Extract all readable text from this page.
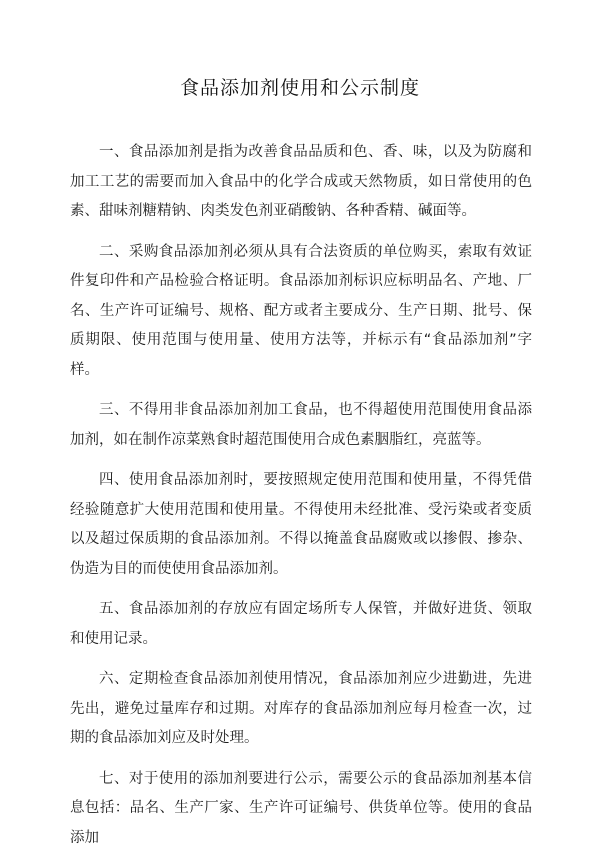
食品添加剂使用和公示制度

一、食品添加剂是指为改善食品品质和色、香、味，以及为防腐和加工工艺的需要而加入食品中的化学合成或天然物质，如日常使用的色素、甜味剂糖精钠、肉类发色剂亚硝酸钠、各种香精、碱面等。

二、采购食品添加剂必须从具有合法资质的单位购买，索取有效证件复印件和产品检验合格证明。食品添加剂标识应标明品名、产地、厂名、生产许可证编号、规格、配方或者主要成分、生产日期、批号、保质期限、使用范围与使用量、使用方法等，并标示有“食品添加剂”字样。

三、不得用非食品添加剂加工食品，也不得超使用范围使用食品添加剂，如在制作凉菜熟食时超范围使用合成色素胭脂红，亮蓝等。

四、使用食品添加剂时，要按照规定使用范围和使用量，不得凭借经验随意扩大使用范围和使用量。不得使用未经批准、受污染或者变质以及超过保质期的食品添加剂。不得以掩盖食品腐败或以掺假、掺杂、伪造为目的而使使用食品添加剂。

五、食品添加剂的存放应有固定场所专人保管，并做好进货、领取和使用记录。

六、定期检查食品添加剂使用情况，食品添加剂应少进勤进，先进先出，避免过量库存和过期。对库存的食品添加剂应每月检查一次，过期的食品添加刘应及时处理。

七、对于使用的添加剂要进行公示，需要公示的食品添加剂基本信息包括：品名、生产厂家、生产许可证编号、供货单位等。使用的食品添加
